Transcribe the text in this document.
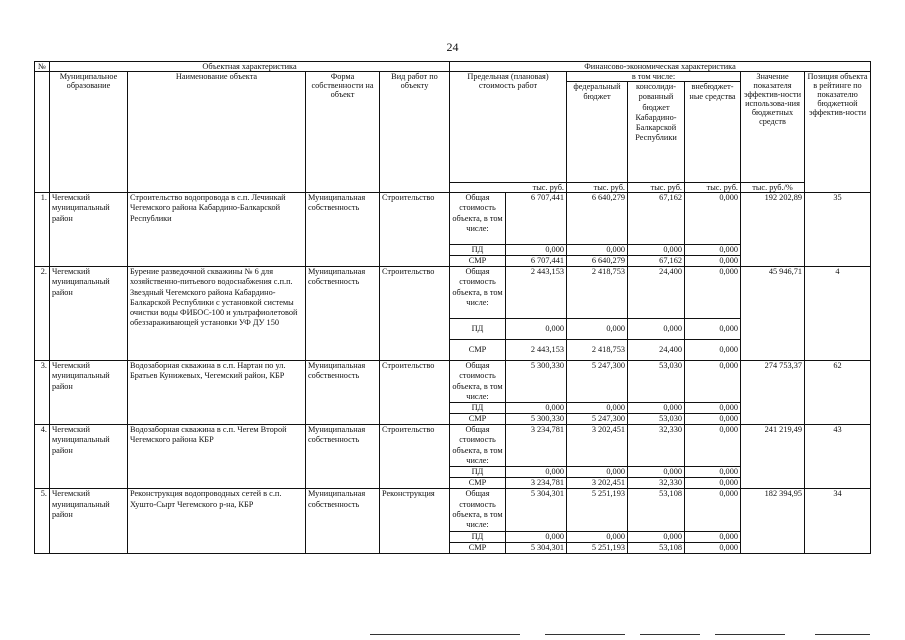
24
№	Объектная характеристика				Финансово-экономическая характеристика						
	Муниципальное образование	Наименование объекта	Форма собственности на объект	Вид работ по объекту	Предельная (плановая) стоимость работ		в том числе:			Значение показателя эффектив-ности использова-ния бюджетных средств	Позиция объекта в рейтинге по показателю бюджетной эффектив-ности
							федеральный бюджет	консолиди-рованный бюджет Кабардино-Балкарской Республики	внебюджет-ные средства		
					тыс. руб.		тыс. руб.	тыс. руб.	тыс. руб.	тыс. руб./%	
1.	Чегемский муниципальный район	Строительство водопровода в с.п. Лечинкай Чегемского района Кабардино-Балкарской Республики	Муниципальная собственность	Строительство	Общая стоимость объекта, в том числе:	6 707,441	6 640,279	67,162	0,000	192 202,89	35
					ПД	0,000	0,000	0,000	0,000		
					СМР	6 707,441	6 640,279	67,162	0,000		
2.	Чегемский муниципальный район	Бурение разведочной скважины № 6 для хозяйственно-питьевого водоснабжения с.п.п. Звездный Чегемского района Кабардино-Балкарской Республики с установкой системы очистки воды ФИБОС-100 и ультрафиолетовой обеззараживающей установки УФ ДУ 150	Муниципальная собственность	Строительство	Общая стоимость объекта, в том числе:	2 443,153	2 418,753	24,400	0,000	45 946,71	4
					ПД	0,000	0,000	0,000	0,000		
					СМР	2 443,153	2 418,753	24,400	0,000		
3.	Чегемский муниципальный район	Водозаборная скважина в с.п. Нартан по ул. Братьев Кунижевых, Чегемский район, КБР	Муниципальная собственность	Строительство	Общая стоимость объекта, в том числе:	5 300,330	5 247,300	53,030	0,000	274 753,37	62
					ПД	0,000	0,000	0,000	0,000		
					СМР	5 300,330	5 247,300	53,030	0,000		
4.	Чегемский муниципальный район	Водозаборная скважина в с.п. Чегем Второй Чегемского района КБР	Муниципальная собственность	Строительство	Общая стоимость объекта, в том числе:	3 234,781	3 202,451	32,330	0,000	241 219,49	43
					ПД	0,000	0,000	0,000	0,000		
					СМР	3 234,781	3 202,451	32,330	0,000		
5.	Чегемский муниципальный район	Реконструкция водопроводных сетей в с.п. Хушто-Сырт Чегемского р-на, КБР	Муниципальная собственность	Реконструкция	Общая стоимость объекта, в том числе:	5 304,301	5 251,193	53,108	0,000	182 394,95	34
					ПД	0,000	0,000	0,000	0,000		
					СМР	5 304,301	5 251,193	53,108	0,000		
